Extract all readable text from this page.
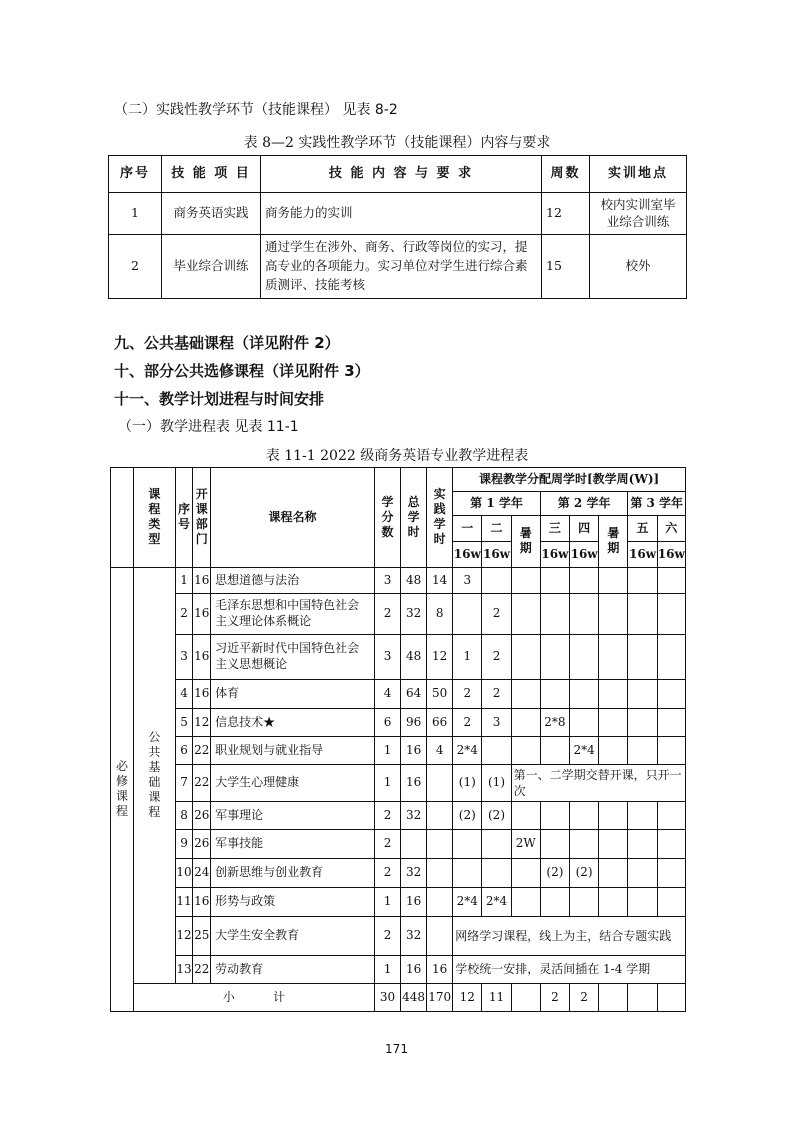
（二）实践性教学环节（技能课程） 见表 8-2
表 8—2 实践性教学环节（技能课程）内容与要求
序号	技 能 项 目	技 能 内 容 与 要 求	周数	实训地点
1	商务英语实践	商务能力的实训	12	校内实训室毕业综合训练
2	毕业综合训练	通过学生在涉外、商务、行政等岗位的实习，提高专业的各项能力。实习单位对学生进行综合素质测评、技能考核	15	校外
九、公共基础课程（详见附件 2）
十、部分公共选修课程（详见附件 3）
十一、教学计划进程与时间安排
（一）教学进程表 见表 11-1
表 11-1 2022 级商务英语专业教学进程表
	课程类型	序号	开课部门	课程名称	学分数	总学时	实践学时	课程教学分配周学时[教学周(W)]							
								第 1 学年			第 2 学年			第 3 学年	
								一	二	暑期	三	四	暑期	五	六
								16w	16w		16w	16w		16w	16w
必修课程	公共基础课程	1	16	思想道德与法治	3	48	14	3							
		2	16	毛泽东思想和中国特色社会主义理论体系概论	2	32	8		2						
		3	16	习近平新时代中国特色社会主义思想概论	3	48	12	1	2						
		4	16	体育	4	64	50	2	2						
		5	12	信息技术★	6	96	66	2	3		2*8				
		6	22	职业规划与就业指导	1	16	4	2*4				2*4			
		7	22	大学生心理健康	1	16		(1)	(1)	第一、二学期交替开课，只开一次					
		8	26	军事理论	2	32		(2)	(2)						
		9	26	军事技能	2					2W					
		10	24	创新思维与创业教育	2	32					(2)	(2)			
		11	16	形势与政策	1	16		2*4	2*4						
		12	25	大学生安全教育	2	32		网络学习课程，线上为主，结合专题实践							
		13	22	劳动教育	1	16	16	学校统一安排，灵活间插在 1-4 学期							
	小          计				30	448	170	12	11		2	2			
171
